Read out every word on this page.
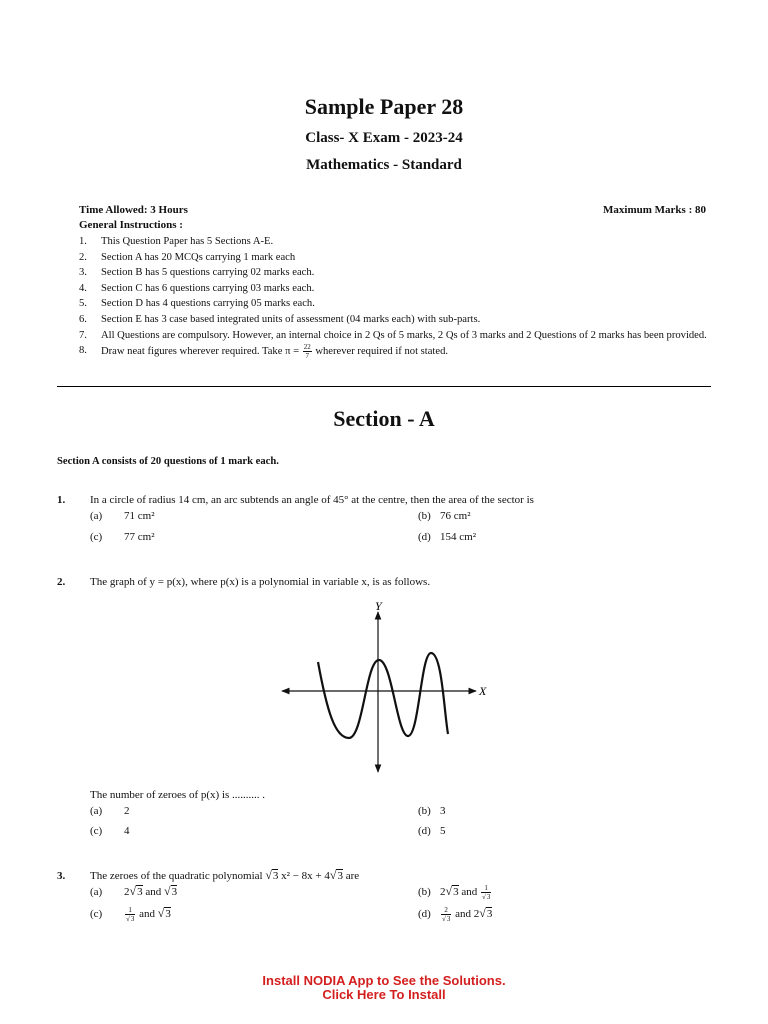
Sample Paper 28
Class- X Exam - 2023-24
Mathematics - Standard
Time Allowed: 3 Hours	Maximum Marks : 80
General Instructions :
1.	This Question Paper has 5 Sections A-E.
2.	Section A has 20 MCQs carrying 1 mark each
3.	Section B has 5 questions carrying 02 marks each.
4.	Section C has 6 questions carrying 03 marks each.
5.	Section D has 4 questions carrying 05 marks each.
6.	Section E has 3 case based integrated units of assessment (04 marks each) with sub-parts.
7.	All Questions are compulsory. However, an internal choice in 2 Qs of 5 marks, 2 Qs of 3 marks and 2 Questions of 2 marks has been provided.
8.	Draw neat figures wherever required. Take $\pi = \frac{22}{7}$ wherever required if not stated.
Section - A
Section A consists of 20 questions of 1 mark each.
1. In a circle of radius 14 cm, an arc subtends an angle of 45° at the centre, then the area of the sector is
(a) 71 cm²	(b) 76 cm²
(c) 77 cm²	(d) 154 cm²
2. The graph of y = p(x), where p(x) is a polynomial in variable x, is as follows.
Y
X
The number of zeroes of p(x) is .......... .
(a) 2	(b) 3
(c) 4	(d) 5
3. The zeroes of the quadratic polynomial √3 x² − 8x + 4√3 are
(a) 2√3 and √3	(b) 2√3 and $\frac{1}{√3}$
(c)	$\frac{1}{√3}$ and √3	$(d) \frac{2}{√3}$ and 2√3
Install NODIA App to See the Solutions.
Click Here To Install
